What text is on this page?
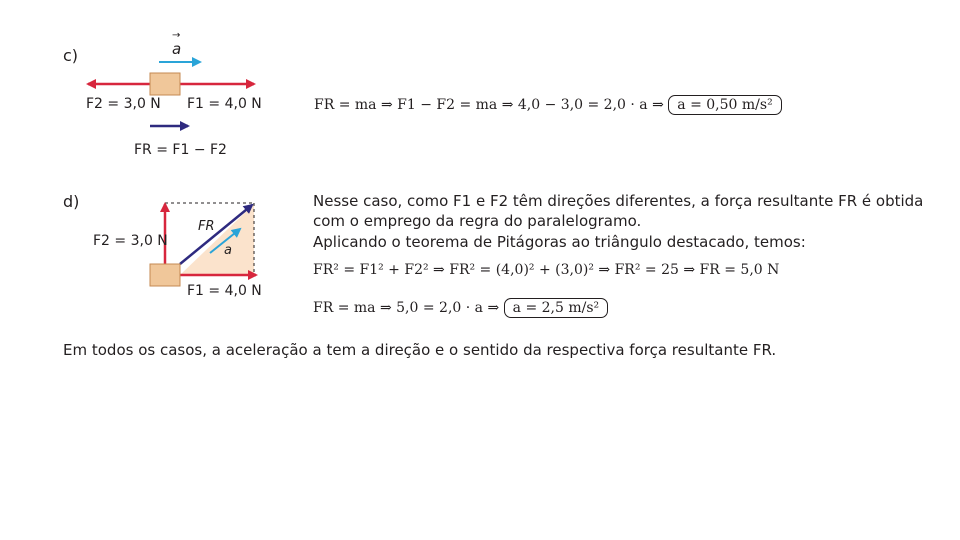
c)
→	a
F2 = 3,0 N F1 = 4,0 N
FR = F1 − F2
FR = ma ⇒ F1 − F2 = ma ⇒ 4,0 − 3,0 = 2,0 · a ⇒ a = 0,50 m/s²
d)
F2 = 3,0 N
FR
a
F1 = 4,0 N
Nesse caso, como F1 e F2 têm direções diferentes, a força resultante FR é obtida
com o emprego da regra do paralelogramo.
Aplicando o teorema de Pitágoras ao triângulo destacado, temos:
FR² = F1² + F2² ⇒ FR² = (4,0)² + (3,0)² ⇒ FR² = 25 ⇒ FR = 5,0 N
FR = ma ⇒ 5,0 = 2,0 · a ⇒ a = 2,5 m/s²
Em todos os casos, a aceleração a tem a direção e o sentido da respectiva força resultante FR.
